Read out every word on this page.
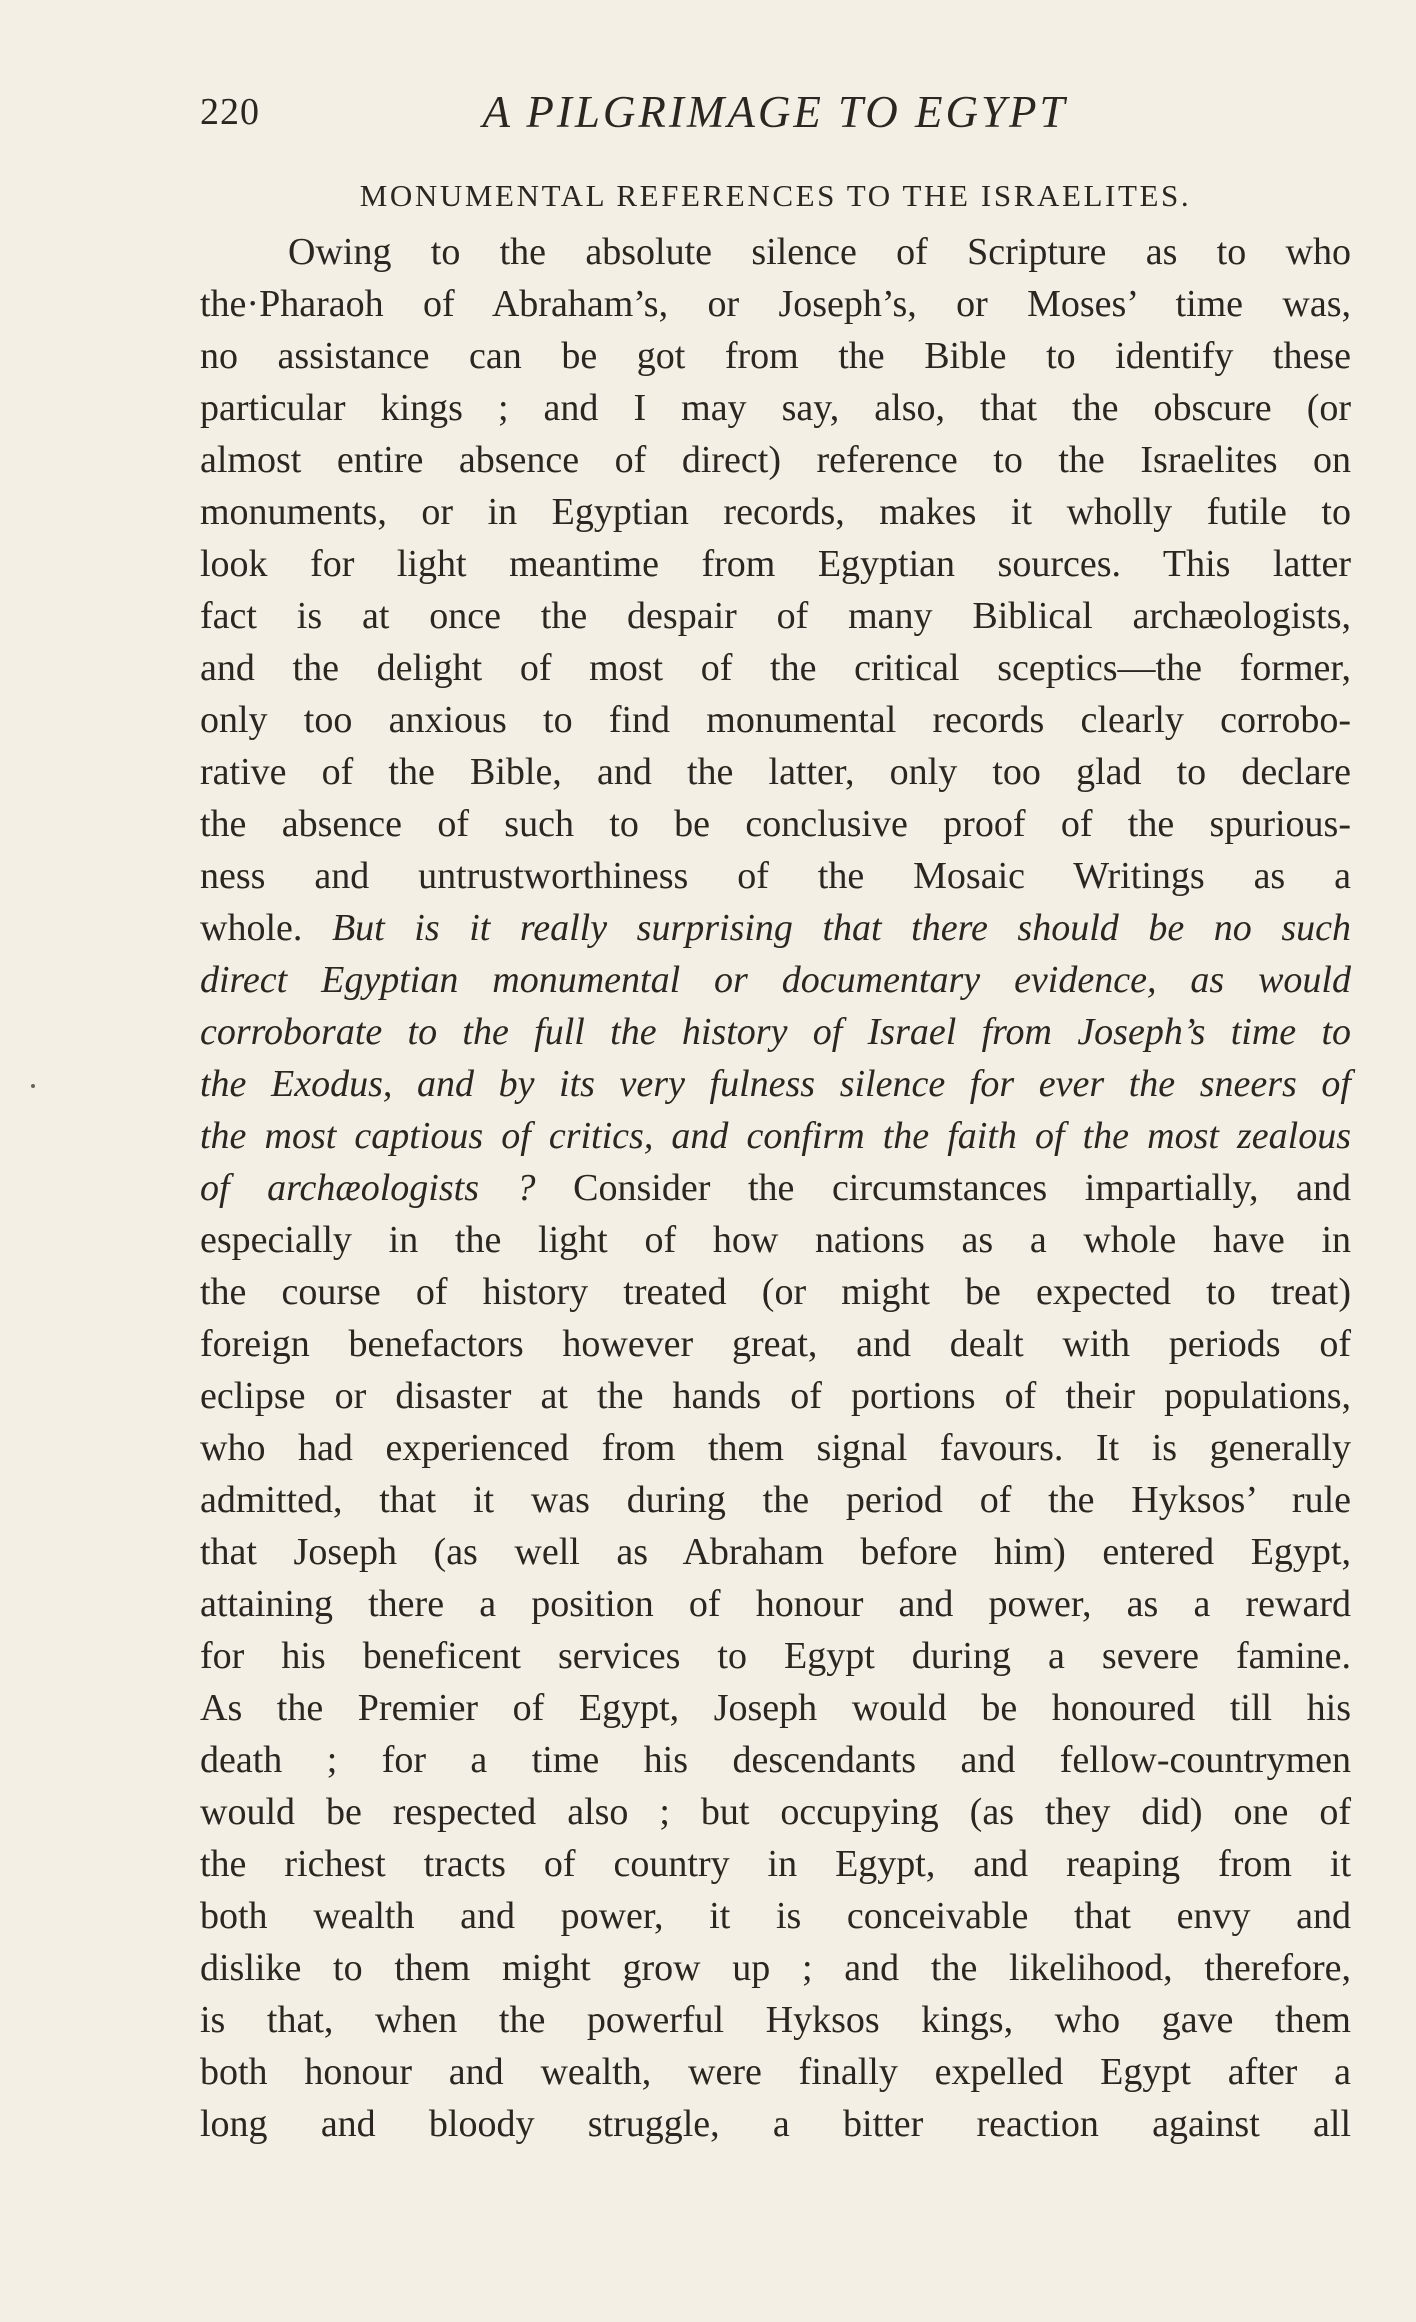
220	A PILGRIMAGE TO EGYPT
MONUMENTAL REFERENCES TO THE ISRAELITES.
Owing to the absolute silence of Scripture as to who
the·Pharaoh of Abraham’s, or Joseph’s, or Moses’ time was,
no assistance can be got from the Bible to identify these
particular kings ; and I may say, also, that the obscure (or
almost entire absence of direct) reference to the Israelites on
monuments, or in Egyptian records, makes it wholly futile to
look for light meantime from Egyptian sources. This latter
fact is at once the despair of many Biblical archæologists,
and the delight of most of the critical sceptics—the former,
only too anxious to find monumental records clearly corrobo-
rative of the Bible, and the latter, only too glad to declare
the absence of such to be conclusive proof of the spurious-
ness and untrustworthiness of the Mosaic Writings as a
whole. But is it really surprising that there should be no such
direct Egyptian monumental or documentary evidence, as would
corroborate to the full the history of Israel from Joseph’s time to
the Exodus, and by its very fulness silence for ever the sneers of
the most captious of critics, and confirm the faith of the most zealous
of archæologists ? Consider the circumstances impartially, and
especially in the light of how nations as a whole have in
the course of history treated (or might be expected to treat)
foreign benefactors however great, and dealt with periods of
eclipse or disaster at the hands of portions of their populations,
who had experienced from them signal favours. It is generally
admitted, that it was during the period of the Hyksos’ rule
that Joseph (as well as Abraham before him) entered Egypt,
attaining there a position of honour and power, as a reward
for his beneficent services to Egypt during a severe famine.
As the Premier of Egypt, Joseph would be honoured till his
death ; for a time his descendants and fellow-countrymen
would be respected also ; but occupying (as they did) one of
the richest tracts of country in Egypt, and reaping from it
both wealth and power, it is conceivable that envy and
dislike to them might grow up ; and the likelihood, therefore,
is that, when the powerful Hyksos kings, who gave them
both honour and wealth, were finally expelled Egypt after a
long and bloody struggle, a bitter reaction against all
